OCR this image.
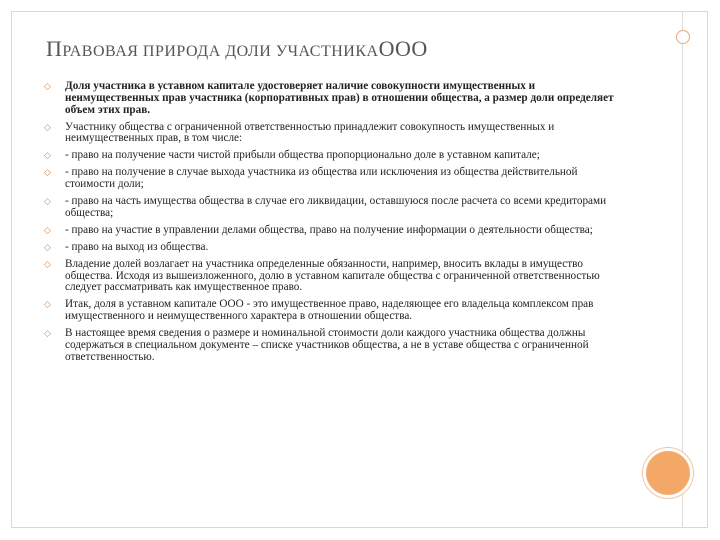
ПРАВОВАЯ ПРИРОДА ДОЛИ УЧАСТНИКАООО
◇ Доля участника в уставном капитале удостоверяет наличие совокупности имущественных и неимущественных прав участника (корпоративных прав) в отношении общества, а размер доли определяет объем этих прав.
◇ Участнику общества с ограниченной ответственностью принадлежит совокупность имущественных и неимущественных прав, в том числе:
◇ - право на получение части чистой прибыли общества пропорционально доле в уставном капитале;
◇ - право на получение в случае выхода участника из общества или исключения из общества действительной стоимости доли;
◇ - право на часть имущества общества в случае его ликвидации, оставшуюся после расчета со всеми кредиторами общества;
◇ - право на участие в управлении делами общества, право на получение информации о деятельности общества;
◇ - право на выход из общества.
◇ Владение долей возлагает на участника определенные обязанности, например, вносить вклады в имущество общества. Исходя из вышеизложенного, долю в уставном капитале общества с ограниченной ответственностью следует рассматривать как имущественное право.
◇ Итак, доля в уставном капитале ООО - это имущественное право, наделяющее его владельца комплексом прав имущественного и неимущественного характера в отношении общества.
◇ В настоящее время сведения о размере и номинальной стоимости доли каждого участника общества должны содержаться в специальном документе – списке участников общества, а не в уставе общества с ограниченной ответственностью.
